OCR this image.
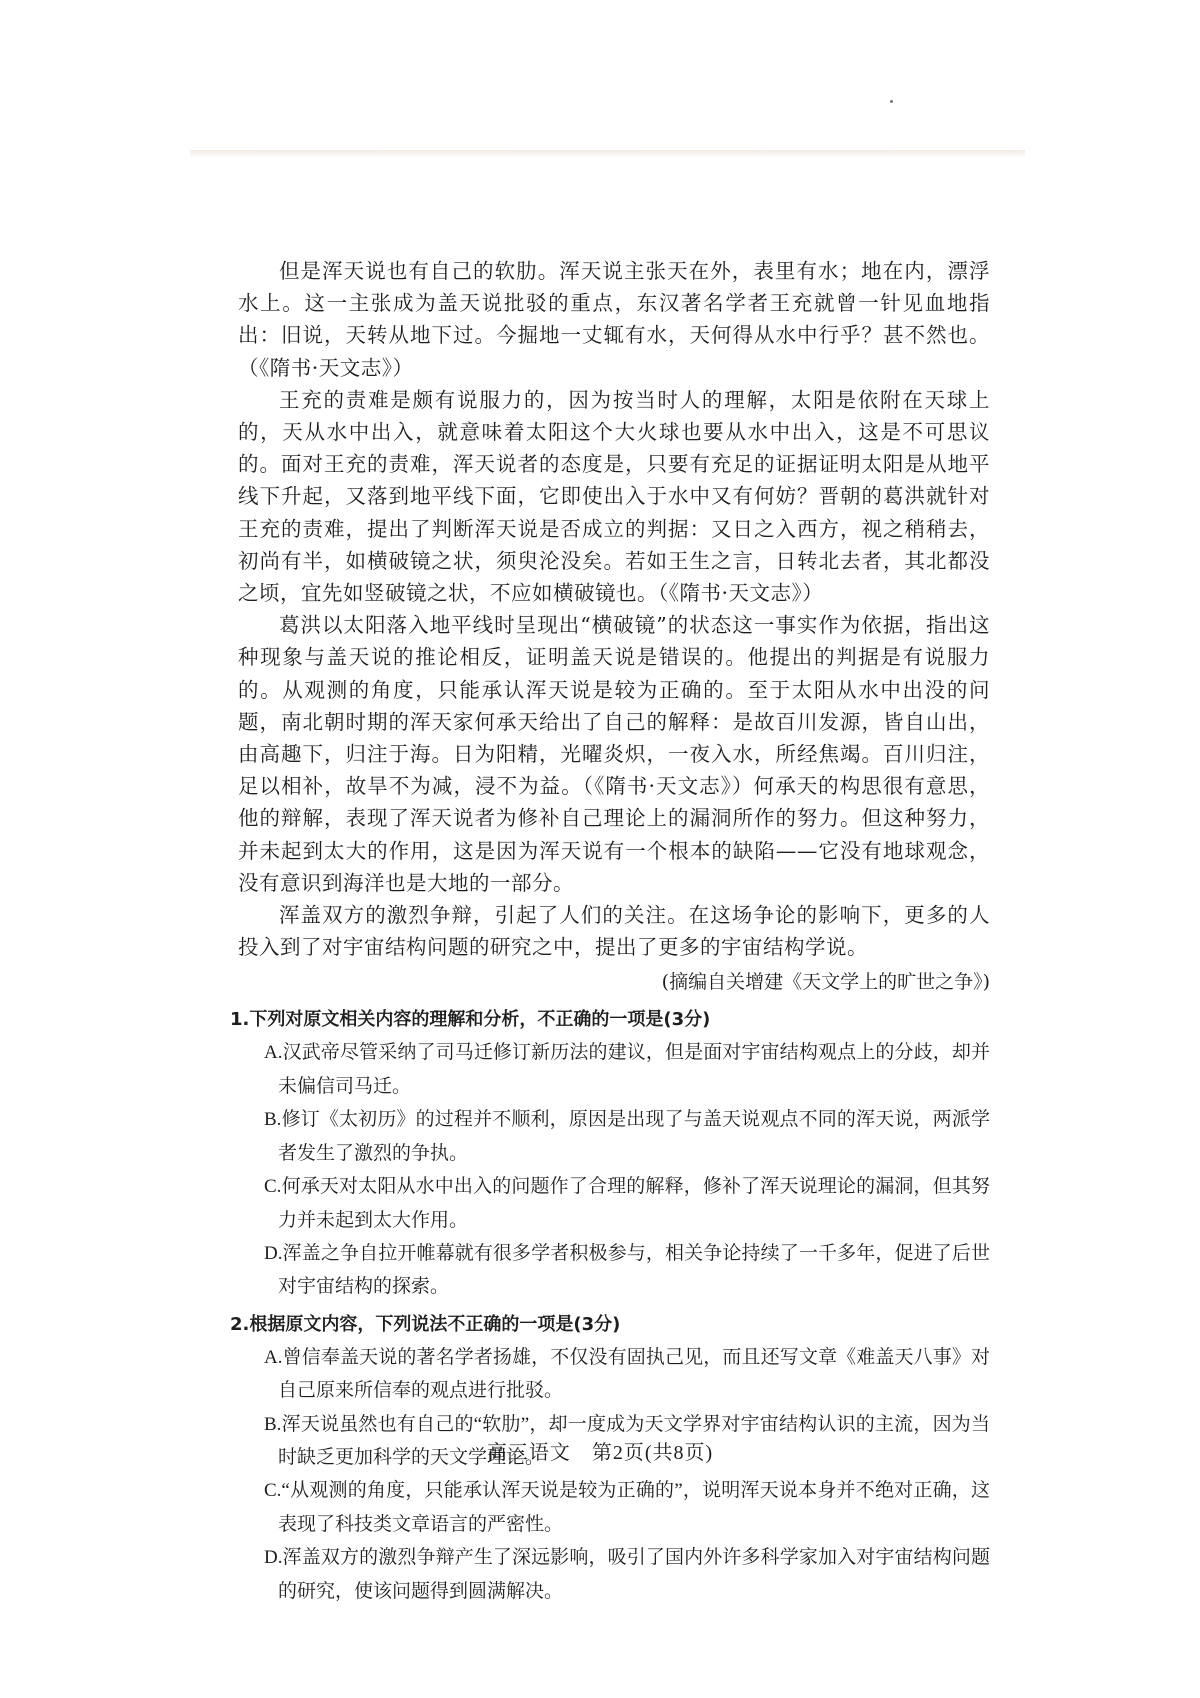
但是浑天说也有自己的软肋。浑天说主张天在外，表里有水；地在内，漂浮水上。这一主张成为盖天说批驳的重点，东汉著名学者王充就曾一针见血地指出：旧说，天转从地下过。今掘地一丈辄有水，天何得从水中行乎？甚不然也。（《隋书·天文志》）

王充的责难是颇有说服力的，因为按当时人的理解，太阳是依附在天球上的，天从水中出入，就意味着太阳这个大火球也要从水中出入，这是不可思议的。面对王充的责难，浑天说者的态度是，只要有充足的证据证明太阳是从地平线下升起，又落到地平线下面，它即使出入于水中又有何妨？晋朝的葛洪就针对王充的责难，提出了判断浑天说是否成立的判据：又日之入西方，视之稍稍去，初尚有半，如横破镜之状，须臾沦没矣。若如王生之言，日转北去者，其北都没之顷，宜先如竖破镜之状，不应如横破镜也。（《隋书·天文志》）

葛洪以太阳落入地平线时呈现出“横破镜”的状态这一事实作为依据，指出这种现象与盖天说的推论相反，证明盖天说是错误的。他提出的判据是有说服力的。从观测的角度，只能承认浑天说是较为正确的。至于太阳从水中出没的问题，南北朝时期的浑天家何承天给出了自己的解释：是故百川发源，皆自山出，由高趣下，归注于海。日为阳精，光曜炎炽，一夜入水，所经焦竭。百川归注，足以相补，故旱不为减，浸不为益。（《隋书·天文志》）何承天的构思很有意思，他的辩解，表现了浑天说者为修补自己理论上的漏洞所作的努力。但这种努力，并未起到太大的作用，这是因为浑天说有一个根本的缺陷——它没有地球观念，没有意识到海洋也是大地的一部分。

浑盖双方的激烈争辩，引起了人们的关注。在这场争论的影响下，更多的人投入到了对宇宙结构问题的研究之中，提出了更多的宇宙结构学说。

(摘编自关增建《天文学上的旷世之争》)

1.下列对原文相关内容的理解和分析，不正确的一项是(3分)

A.汉武帝尽管采纳了司马迁修订新历法的建议，但是面对宇宙结构观点上的分歧，却并未偏信司马迁。

B.修订《太初历》的过程并不顺利，原因是出现了与盖天说观点不同的浑天说，两派学者发生了激烈的争执。

C.何承天对太阳从水中出入的问题作了合理的解释，修补了浑天说理论的漏洞，但其努力并未起到太大作用。

D.浑盖之争自拉开帷幕就有很多学者积极参与，相关争论持续了一千多年，促进了后世对宇宙结构的探索。

2.根据原文内容，下列说法不正确的一项是(3分)

A.曾信奉盖天说的著名学者扬雄，不仅没有固执己见，而且还写文章《难盖天八事》对自己原来所信奉的观点进行批驳。

B.浑天说虽然也有自己的“软肋”，却一度成为天文学界对宇宙结构认识的主流，因为当时缺乏更加科学的天文学理论。

C.“从观测的角度，只能承认浑天说是较为正确的”，说明浑天说本身并不绝对正确，这表现了科技类文章语言的严密性。

D.浑盖双方的激烈争辩产生了深远影响，吸引了国内外许多科学家加入对宇宙结构问题的研究，使该问题得到圆满解决。

高三语文　第2页(共8页)
